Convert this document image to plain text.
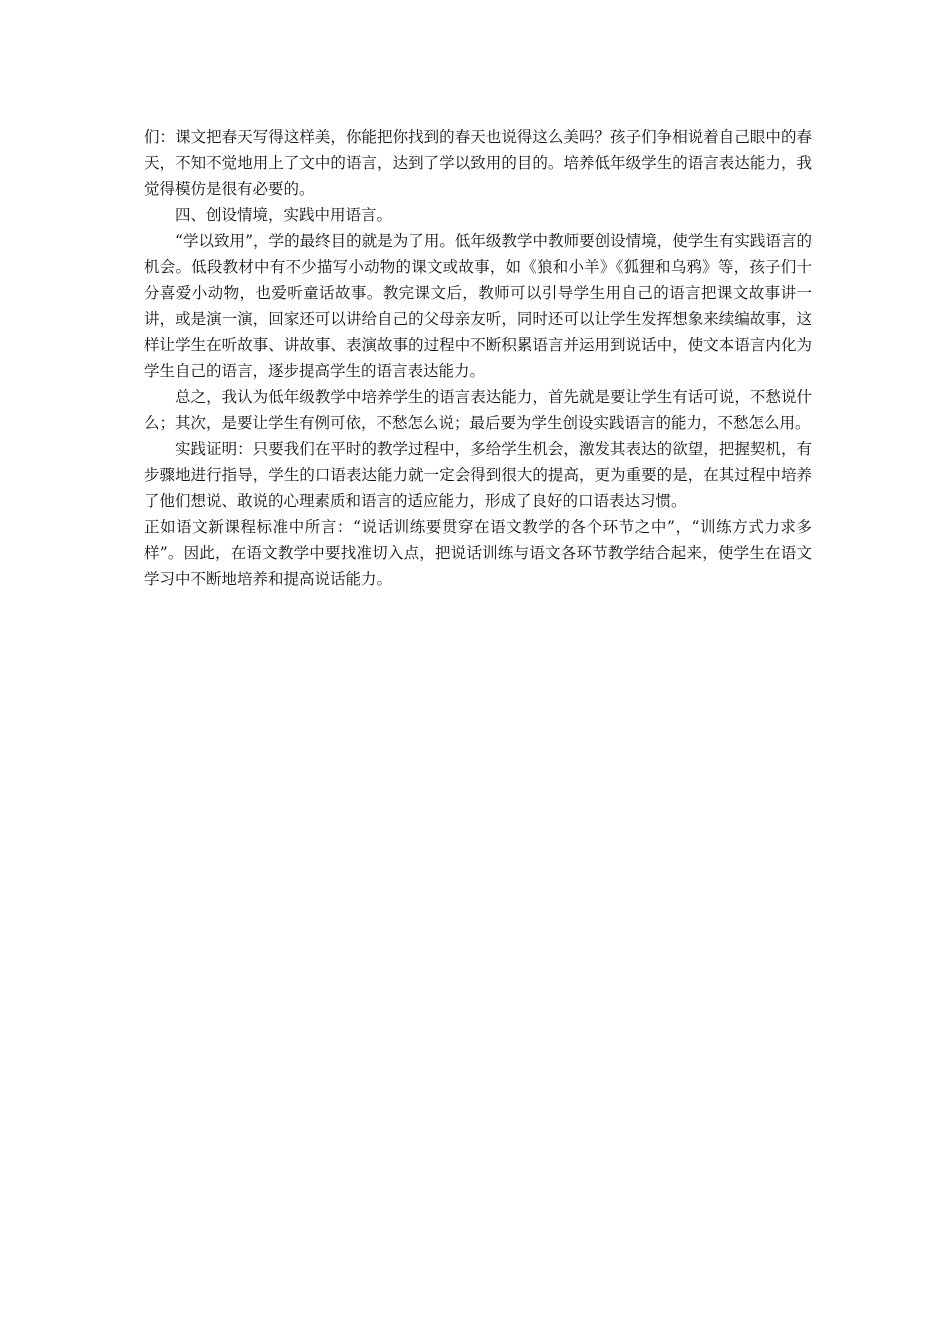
们：课文把春天写得这样美，你能把你找到的春天也说得这么美吗？孩子们争相说着自己眼中的春天，不知不觉地用上了文中的语言，达到了学以致用的目的。培养低年级学生的语言表达能力，我觉得模仿是很有必要的。

四、创设情境，实践中用语言。

“学以致用”，学的最终目的就是为了用。低年级教学中教师要创设情境，使学生有实践语言的机会。低段教材中有不少描写小动物的课文或故事，如《狼和小羊》《狐狸和乌鸦》等，孩子们十分喜爱小动物，也爱听童话故事。教完课文后，教师可以引导学生用自己的语言把课文故事讲一讲，或是演一演，回家还可以讲给自己的父母亲友听，同时还可以让学生发挥想象来续编故事，这样让学生在听故事、讲故事、表演故事的过程中不断积累语言并运用到说话中，使文本语言内化为学生自己的语言，逐步提高学生的语言表达能力。

总之，我认为低年级教学中培养学生的语言表达能力，首先就是要让学生有话可说，不愁说什么；其次，是要让学生有例可依，不愁怎么说；最后要为学生创设实践语言的能力，不愁怎么用。

实践证明：只要我们在平时的教学过程中，多给学生机会，激发其表达的欲望，把握契机，有步骤地进行指导，学生的口语表达能力就一定会得到很大的提高，更为重要的是，在其过程中培养了他们想说、敢说的心理素质和语言的适应能力，形成了良好的口语表达习惯。

正如语文新课程标准中所言：“说话训练要贯穿在语文教学的各个环节之中”，“训练方式力求多样”。因此，在语文教学中要找准切入点，把说话训练与语文各环节教学结合起来，使学生在语文学习中不断地培养和提高说话能力。
